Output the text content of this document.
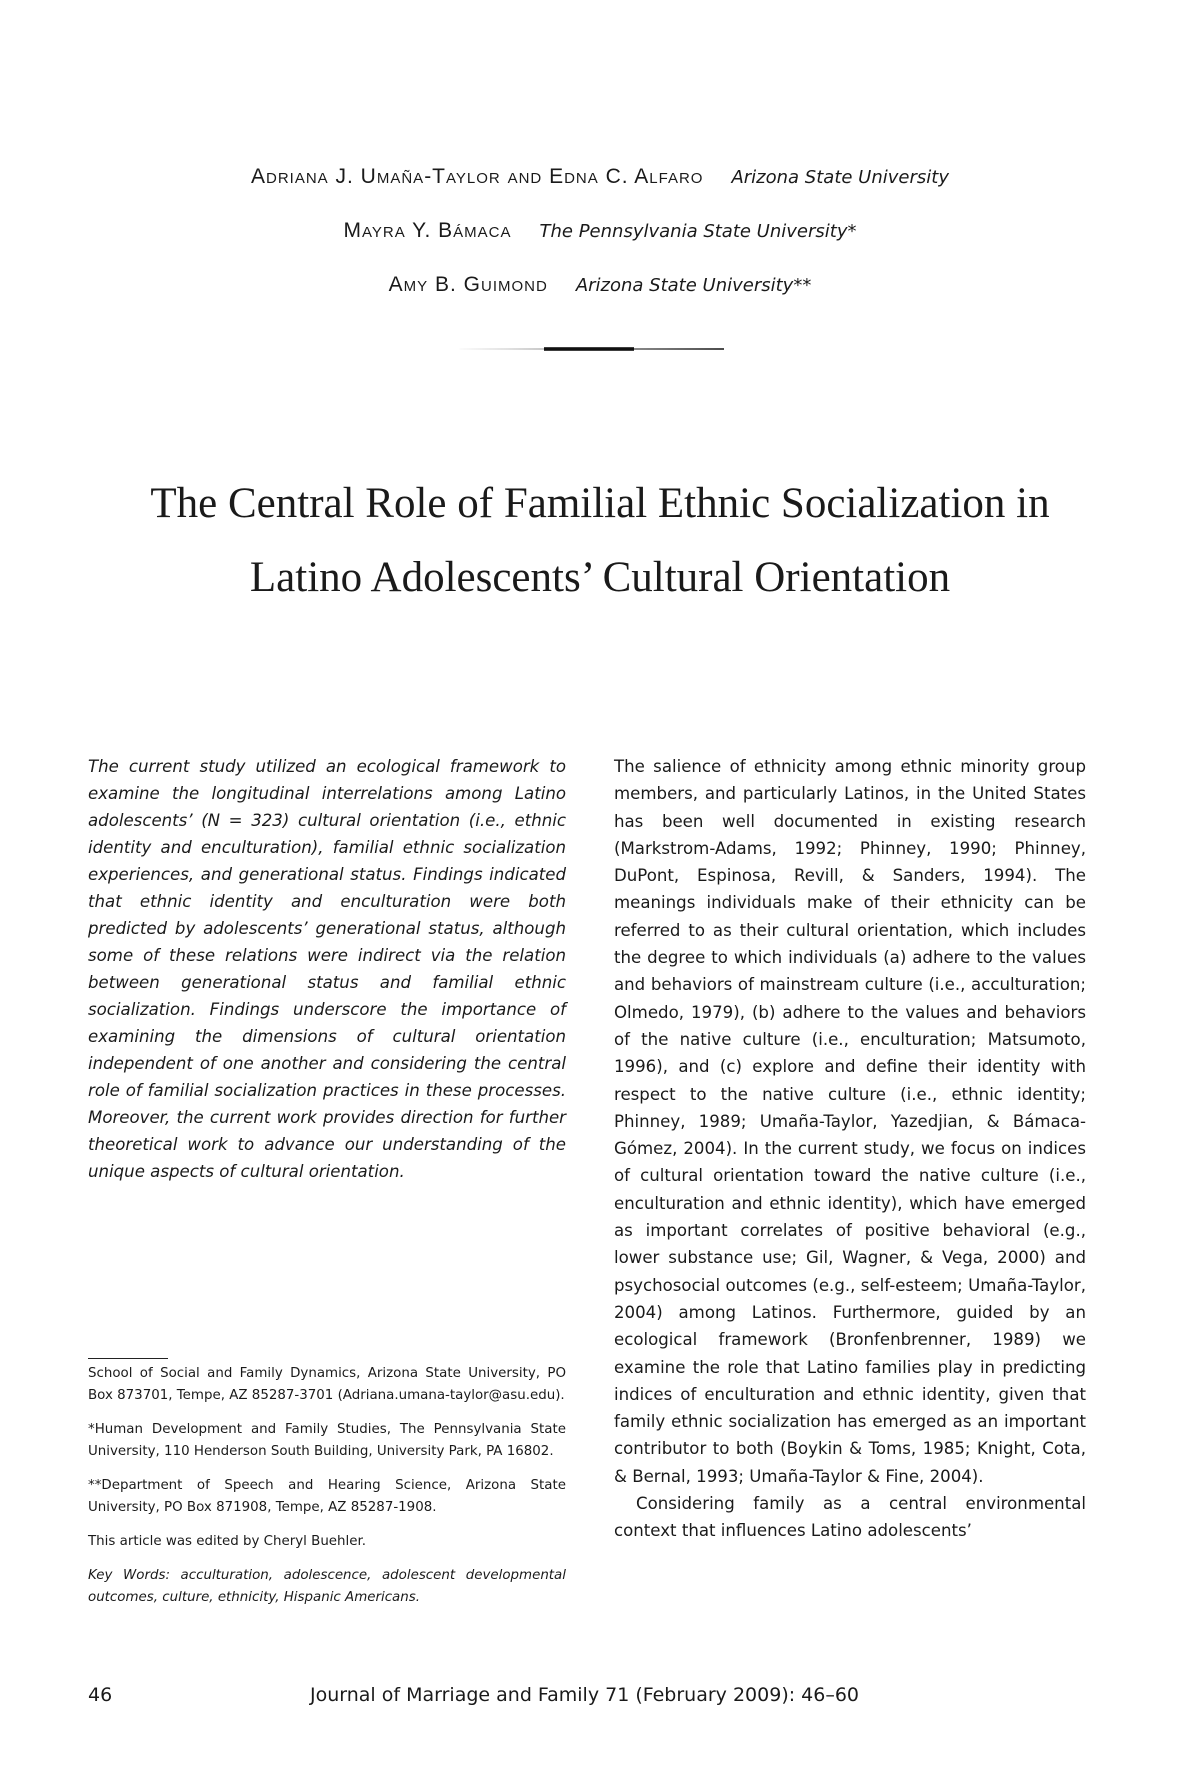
Adriana J. Umaña-Taylor and Edna C. Alfaro Arizona State University
Mayra Y. Bámaca The Pennsylvania State University*
Amy B. Guimond Arizona State University**
The Central Role of Familial Ethnic Socialization in
Latino Adolescents’ Cultural Orientation

The current study utilized an ecological framework to examine the longitudinal interrelations among Latino adolescents’ (N = 323) cultural orientation (i.e., ethnic identity and enculturation), familial ethnic socialization experiences, and generational status. Findings indicated that ethnic identity and enculturation were both predicted by adolescents’ generational status, although some of these relations were indirect via the relation between generational status and familial ethnic socialization. Findings underscore the importance of examining the dimensions of cultural orientation independent of one another and considering the central role of familial socialization practices in these processes. Moreover, the current work provides direction for further theoretical work to advance our understanding of the unique aspects of cultural orientation.

School of Social and Family Dynamics, Arizona State University, PO Box 873701, Tempe, AZ 85287-3701 (Adriana.umana-taylor@asu.edu).

*Human Development and Family Studies, The Pennsylvania State University, 110 Henderson South Building, University Park, PA 16802.

**Department of Speech and Hearing Science, Arizona State University, PO Box 871908, Tempe, AZ 85287-1908.

This article was edited by Cheryl Buehler.

Key Words: acculturation, adolescence, adolescent developmental outcomes, culture, ethnicity, Hispanic Americans.

The salience of ethnicity among ethnic minority group members, and particularly Latinos, in the United States has been well documented in existing research (Markstrom-Adams, 1992; Phinney, 1990; Phinney, DuPont, Espinosa, Revill, & Sanders, 1994). The meanings individuals make of their ethnicity can be referred to as their cultural orientation, which includes the degree to which individuals (a) adhere to the values and behaviors of mainstream culture (i.e., acculturation; Olmedo, 1979), (b) adhere to the values and behaviors of the native culture (i.e., enculturation; Matsumoto, 1996), and (c) explore and define their identity with respect to the native culture (i.e., ethnic identity; Phinney, 1989; Umaña-Taylor, Yazedjian, & Bámaca-Gómez, 2004). In the current study, we focus on indices of cultural orientation toward the native culture (i.e., enculturation and ethnic identity), which have emerged as important correlates of positive behavioral (e.g., lower substance use; Gil, Wagner, & Vega, 2000) and psychosocial outcomes (e.g., self-esteem; Umaña-Taylor, 2004) among Latinos. Furthermore, guided by an ecological framework (Bronfenbrenner, 1989) we examine the role that Latino families play in predicting indices of enculturation and ethnic identity, given that family ethnic socialization has emerged as an important contributor to both (Boykin & Toms, 1985; Knight, Cota, & Bernal, 1993; Umaña-Taylor & Fine, 2004).

Considering family as a central environmental context that influences Latino adolescents’

46	Journal of Marriage and Family 71 (February 2009): 46–60
